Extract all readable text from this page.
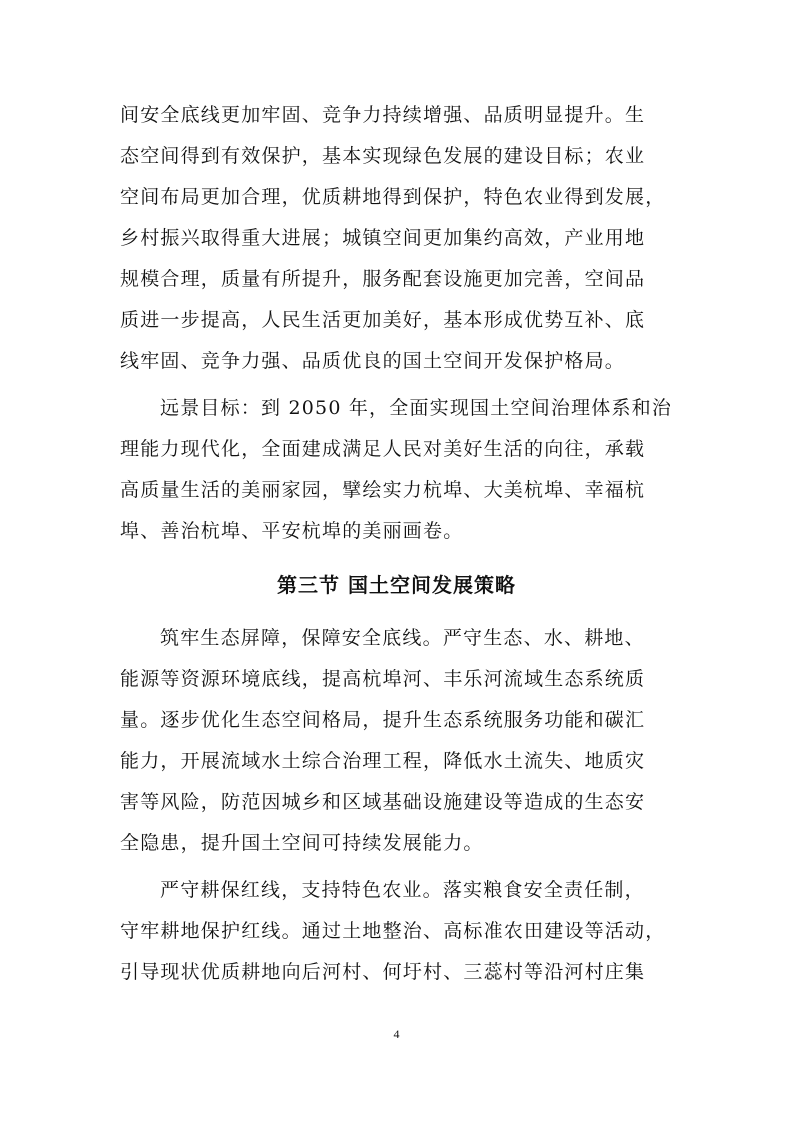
间安全底线更加牢固、竞争力持续增强、品质明显提升。生
态空间得到有效保护，基本实现绿色发展的建设目标；农业
空间布局更加合理，优质耕地得到保护，特色农业得到发展，
乡村振兴取得重大进展；城镇空间更加集约高效，产业用地
规模合理，质量有所提升，服务配套设施更加完善，空间品
质进一步提高，人民生活更加美好，基本形成优势互补、底
线牢固、竞争力强、品质优良的国土空间开发保护格局。
远景目标：到 2050 年，全面实现国土空间治理体系和治
理能力现代化，全面建成满足人民对美好生活的向往，承载
高质量生活的美丽家园，擘绘实力杭埠、大美杭埠、幸福杭
埠、善治杭埠、平安杭埠的美丽画卷。
第三节 国土空间发展策略
筑牢生态屏障，保障安全底线。严守生态、水、耕地、
能源等资源环境底线，提高杭埠河、丰乐河流域生态系统质
量。逐步优化生态空间格局，提升生态系统服务功能和碳汇
能力，开展流域水土综合治理工程，降低水土流失、地质灾
害等风险，防范因城乡和区域基础设施建设等造成的生态安
全隐患，提升国土空间可持续发展能力。
严守耕保红线，支持特色农业。落实粮食安全责任制，
守牢耕地保护红线。通过土地整治、高标准农田建设等活动，
引导现状优质耕地向后河村、何圩村、三蕊村等沿河村庄集
4
